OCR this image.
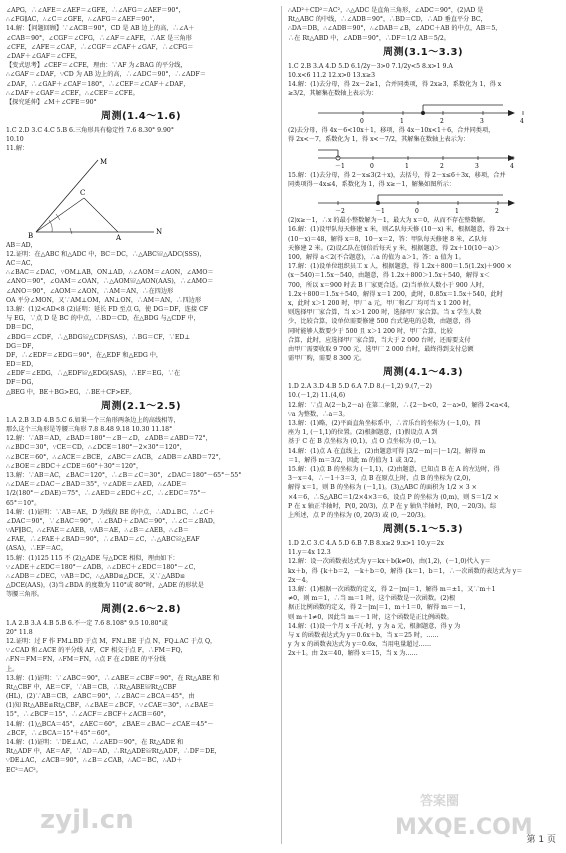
∠APG，∴∠AFE＝∠AEF＝∠GFE，∴∠AFG＝∠AEF＝90°，
∴∠FG∥AC，∴∠C＝∠GFE，∴∠AFG＝∠AEF＝90°，
14.解：【问题回顾】∵∠ACB＝90°，CD 是 AB 边上的高，∴∠A＋
∠CAB＝90°，∠CGF＝∠CFG，∴∠AF＝∠AFE，∴AE 是三角形
∠CFE，∠AFE＝∠CAF，∴∠CGF＝∠CAF＋∠GAF，∴∠CFG＝
∠DAF＋∠GAF＝∠CFE，
【变式思考】∠CEF＝∠CFE，理由：∵AF 为∠BAG 的平分线，
∴∠GAF＝∠DAF，∵CD 为 AB 边上的高，∴∠ADC＝90°，∴∠ADF＝
∠DAF，∴∠GAF＋∠CAF＝180°，∴∠CEF＝∠CAF＋∠DAF，
∴∠DAF＋∠GAF＝∠CEF，∴∠CEF＝∠CFE。
【探究延伸】∠M＋∠CFE＝90°
周测(1.4～1.6)
1.C 2.D 3.C 4.C 5.B 6.三角形具有稳定性 7.6 8.30° 9.90°
10.10
11.解：
M
C
N
B	A
AB＝AD，
12.证明：在△ABC 和△ADC 中，BC＝DC，∴△ABC≌△ADC(SSS)，
AC＝AC，
∴∠BAC＝∠DAC，∵OM⊥AB，ON⊥AD，∴∠AOM＝∠AON，∠AMO＝
∠ANO＝90°，∠OAM＝∠OAN，∴△AOM≌△AON(AAS)，∴∠AMO＝
∠ANO＝90°，∠AOM＝∠AON，∴AM＝AN，∴在四边形
OA 平分∠MON，又∵AM⊥OM，AN⊥ON，∴AM＝AN，∴四边形
13.解：(1)2<AD<8 (2)证明：延长 FD 至点 G，使 DG＝DF，连接 CF
与 EG，∵点 D 是 BC 的中点，∴BD＝CD，在△BDG 与△CDF 中，
DB＝DC，
∠BDG＝∠CDF，∴△BDG≌△CDF(SAS)，∴BG＝CF，∵ED⊥
DG＝DF，
DF，∴∠EDF＝∠EDG＝90°，在△EDF 和△EDG 中，
ED＝ED，
∠EDF＝∠EDG，∴△EDF≌△EDG(SAS)，∴EF＝EG，∵在
DF＝DG，
△BEG 中，BE＋BG>EG，∴BE＋CF>EF。
周测(2.1～2.5)
1.A 2.B 3.D 4.B 5.C 6.如果一个三角形两条边上的高线相等，
那么这个三角形是等腰三角形 7.8 8.48 9.18 10.30 11.18°
12.解：∵AB＝AD，∠BAD＝180°－∠B－∠D，∠ADB＝∠ABD＝72°，
∴∠BDC＝30°，∵CE＝CD，∴∠DCE＝180°－2×30°＝120°，
∴∠BCE＝60°，∴∠ACE＝∠BCE，∠ABC＝∠ACB，∠ADB＝∠ABD＝72°，
∴∠BOE＝∠BDC＋∠CDE＝60°＋30°＝120°，
13.解：∵AB＝AC，∠BAC＝120°，∴∠B＝∠C＝30°，∠DAC＝180°－65°－55°
∴∠DAE＝∠DAC－∠BAD＝35°，∵∠ADE＝∠AED，∴∠ADE＝
1/2(180°－∠DAE)＝75°，∴∠AED＝∠EDC＋∠C，∴∠EDC＝75°－
65°＝10°。
14.解：(1)证明：∵AB＝AE，D 为线段 BE 的中点，∴AD⊥BC，∴∠C＋
∠DAC＝90°，∵∠BAC＝90°，∴∠BAD＋∠DAC＝90°，∴∠C＝∠BAD，
∵AF∥BC，∴∠FAE＝∠AEB，∵AB＝AE，∴∠B＝∠AEB，∴∠B＝
∠FAE，∴∠FAE＋∠BAD＝90°，∴∠BAD＝∠C，∴△ABC≌△EAF
(ASA)，∴EF＝AC。
15.解：(1)125 115 不 (2)△ADE 与△DCE 相似，理由如下：
∵∠ADE＋∠EDC＝180°－∠ADB，∴∠DEC＋∠EDC＝180°－∠C，
∴∠ADB＝∠DEC，∵AB＝DC，∴△ABD≌△DCE，又∵△ABD≌
△DCE(AAS)，(3)当∠BDA 的度数为 110°或 80°时，△ADE 的形状是
等腰三角形。
周测(2.6～2.8)
1.A 2.B 3.A 4.B 5.B 6.不一定 7.6 8.108° 9.5 10.80°或
20° 11.8
12.证明：过 F 作 FM⊥BD 于点 M，FN⊥BE 于点 N，FQ⊥AC 于点 Q，
∵∠CAD 和∠ACE 的平分线 AF，CF 相交于点 F，∴FM＝FQ，
∴FN＝FM＝FN，∴FM＝FN，∴点 F 在∠DBE 的平分线
上。
13.解：(1)证明：∵∠ABC＝90°，∴∠ABE＝∠CBF＝90°，在 Rt△ABE 和
Rt△CBF 中，AE＝CF，∵AB＝CB，∴Rt△ABE≌Rt△CBF
(HL)，(2)∵AB＝CB，∠ABC＝90°，∴∠BAC＝∠BCA＝45°，由
(1)知 Rt△ABE≌Rt△CBF，∴∠BAE＝∠BCF，∵∠CAE＝30°，∴∠BAE＝
15°，∴∠BCF＝15°，∴∠ACF＝∠BCF＋∠ACB＝60°，
14.解：(1)△BCA＝45°，∠AEC＝60°，∠BAE＝∠BAC－∠CAE＝45°－
∠BCF，∴∠BCA＝15°＋45°＝60°。
14.解：(1)证明：∵DE⊥AC，∴∠AED＝90°，在 Rt△ADE 和
Rt△ADF 中，AE＝AF，∵AD＝AD，∴Rt△ADE≌Rt△ADF，∴DF＝DE，
∵DE⊥AC，∠ACB＝90°，∴∠B＝∠CAB，∴AC＝BC，∴AD＋
EC²＝AC²。
∴AD²＋CD²＝AC²，∴△ADC 是直角三角形，∠ADC＝90°，(2)AD 是
Rt△ABC 的中线，∴∠ADB＝90°，∴BD＝CD，∴AD 垂直平分 BC，
∴DA＝DB，∴∠ADB＝90°，∴∠DAB＝∠B，∠ADC＋AB 的中点，AB＝5，
∴在 Rt△ABD 中，∠ADB＝90°，∴DF＝1/2 AB＝5/2。
周测(3.1～3.3)
1.C 2.B 3.A 4.D 5.D 6.1/2y－3>0 7.1/2y<5 8.x>1 9.A
10.x<6 11.2 12.x>0 13.x≥3
14.解：(1)去分母，得 2x－2≥1，合并同类项，得 2x≥3，系数化为 1，得 x
≥3/2，其解集在数轴上表示为：
0	1	2	3	4
(2)去分母，得 4x－6<10x＋1，移项，得 4x－10x<1＋6，合并同类项，
得 2x<－7，系数化为 1，得 x<－7/2，其解集在数轴上表示为：
－1	0	1	2	3	4
15.解：(1)去分母，得 2－x≤3(2＋x)，去括号，得 2－x≤6＋3x，移项，合并
同类项得－4x≤4，系数化为 1，得 x≥－1，解集如图所示：
－2	－1	0	1	2
(2)x≥－1，∴x 的最小整数解为－1，最大为 x＝0，从而不存在整数解。
16.解：(1)设甲队每天修建 x 米，则乙队每天修 (10－x) 米，根据题意，得 2x＋
(10－x)＝48，解得 x＝8，10－x＝2，答：甲队每天修建 8 米，乙队每
天修建 2 米。(2)设乙队在加倍后每天 y 米，根据题意，得 2x＋10(10－a)＞
100，解得 a＜2(不合题意)，∴a 的值为 a＞1，答：a 值为 1。
17.解：(1)设单位组织员工 x 人，根据题意，得 1.2x＋800＝1.5(1.2x)＋900 ×
(x－540)＝1.5x－540，由题意，得 1.2x＋800＞1.5x＋540，解得 x＜
700，所以 x＝900 时去 B 厂家更合适。(2)当单位人数小于 900 人时，
1.2x＋800＝1.5x＋540，解得 x＝1 200，此时，0.85x＝1.5x＋540，此时
x，此时 x＞1 200 时，甲厂 a 元，甲厂和乙厂均可当 x 1 200 时，
则选择甲厂家合算，当 x＞1 200 时，选择甲厂家合算。当 x 学生人数
少，比较合算，设单位需要修建 500 台式笔电的总数，由题意，得
同时能够人数要少于 500 且 x＞1 200 时，甲厂合算，比较
合算，此时，应选择甲厂家合算，当大于 2 000 台时，还需要支付
由甲厂需要收取 9 700 元，选甲厂 2 000 台时，最终得到支付总额
需甲厂购，需要 8 300 元。
周测(4.1～4.3)
1.D 2.A 3.D 4.B 5.D 6.A 7.D 8.(－1,2) 9.(7,－2)
10.(－1,2) 11.(4,6)
12.解：∵点 A(2－b,2－a) 在第二象限，∴{2－b<0，2－a>0，解得 2<a<4，
∵a 为整数，∴a＝3。
13.解：(1)略，(2)平面直角坐标系中，∴音乐台的坐标为 (－1,0)，四
座为 1, (－1,1)的位置。(2)根据题意，(1)假设点 A 到
基于 C 在 B 点坐标为 (0,1)，点 O 点坐标为 (0,－1)。
14.解：(1)点 A 在直线上，(2)由题意可得 |3/2－m|＝|－1/2|，解得 m
＝1，解得 m＝3/2，因此 m 的值为 1 或 3/2。
15.解：(1)点 B 的坐标为 (－1,1)，(2)由题意，已知点 B 在 A 的左边时，得
3－x＝4，∴－1＋3＝3，点 B 在原点上时，点 B 的坐标为 (2,0)，
解得 x＝1，则 B 的坐标为 (－1,1)。(3)△ABC 的面积为 1/2 × 3 ×
×4＝6，∴S△ABC＝1/2×4×3＝6，设点 P 的坐标为 (0,m)，则 S＝1/2 ×
P 在 x 轴正半轴时，P(0, 20/3)，点 P 在 y 轴负半轴时，P(0, －20/3)。综
上所述，点 P 的坐标为 (0, 20/3) 或 (0, －20/3)。
周测(5.1～5.3)
1.D 2.C 3.C 4.A 5.D 6.B 7.B 8.x≥2 9.x>1 10.y＝2x
11.y＝4x 12.3
12.解：设一次函数表达式为 y＝kx＋b(k≠0)，由(1,2)，(－1,0)代入 y＝
kx＋b，得 {k＋b＝2，－k＋b＝0，解得 {k＝1，b＝1，∴一次函数的表达式为 y＝
2x－4。
13.解：(1)根据一次函数的定义，得 2－|m|＝1，解得 m＝±1，又∵m＋1
≠0，则 m＝1，∴当 m＝1 时，这个函数是一次函数。(2)根
据正比例函数的定义，得 2－|m|＝1，m＋1＝0，解得 m＝－1，
则 m＋1≠0，因此当 m＝－1 时，这个函数是正比例函数。
14.解：(1)设一个月 x 千瓦·时，y 为 a 元，根据题意，得 y 为
与 x 的函数表达式为 y＝0.6x＋b，当 x＝25 时，……
y 为 x 的函数表达式为 y＝0.6x，当用电量超过……
2x＋1。由 2x＝40，解得 x＝15，当 x 为……
zyjl.cn	MXQE.COM
答案圈
第 1 页
